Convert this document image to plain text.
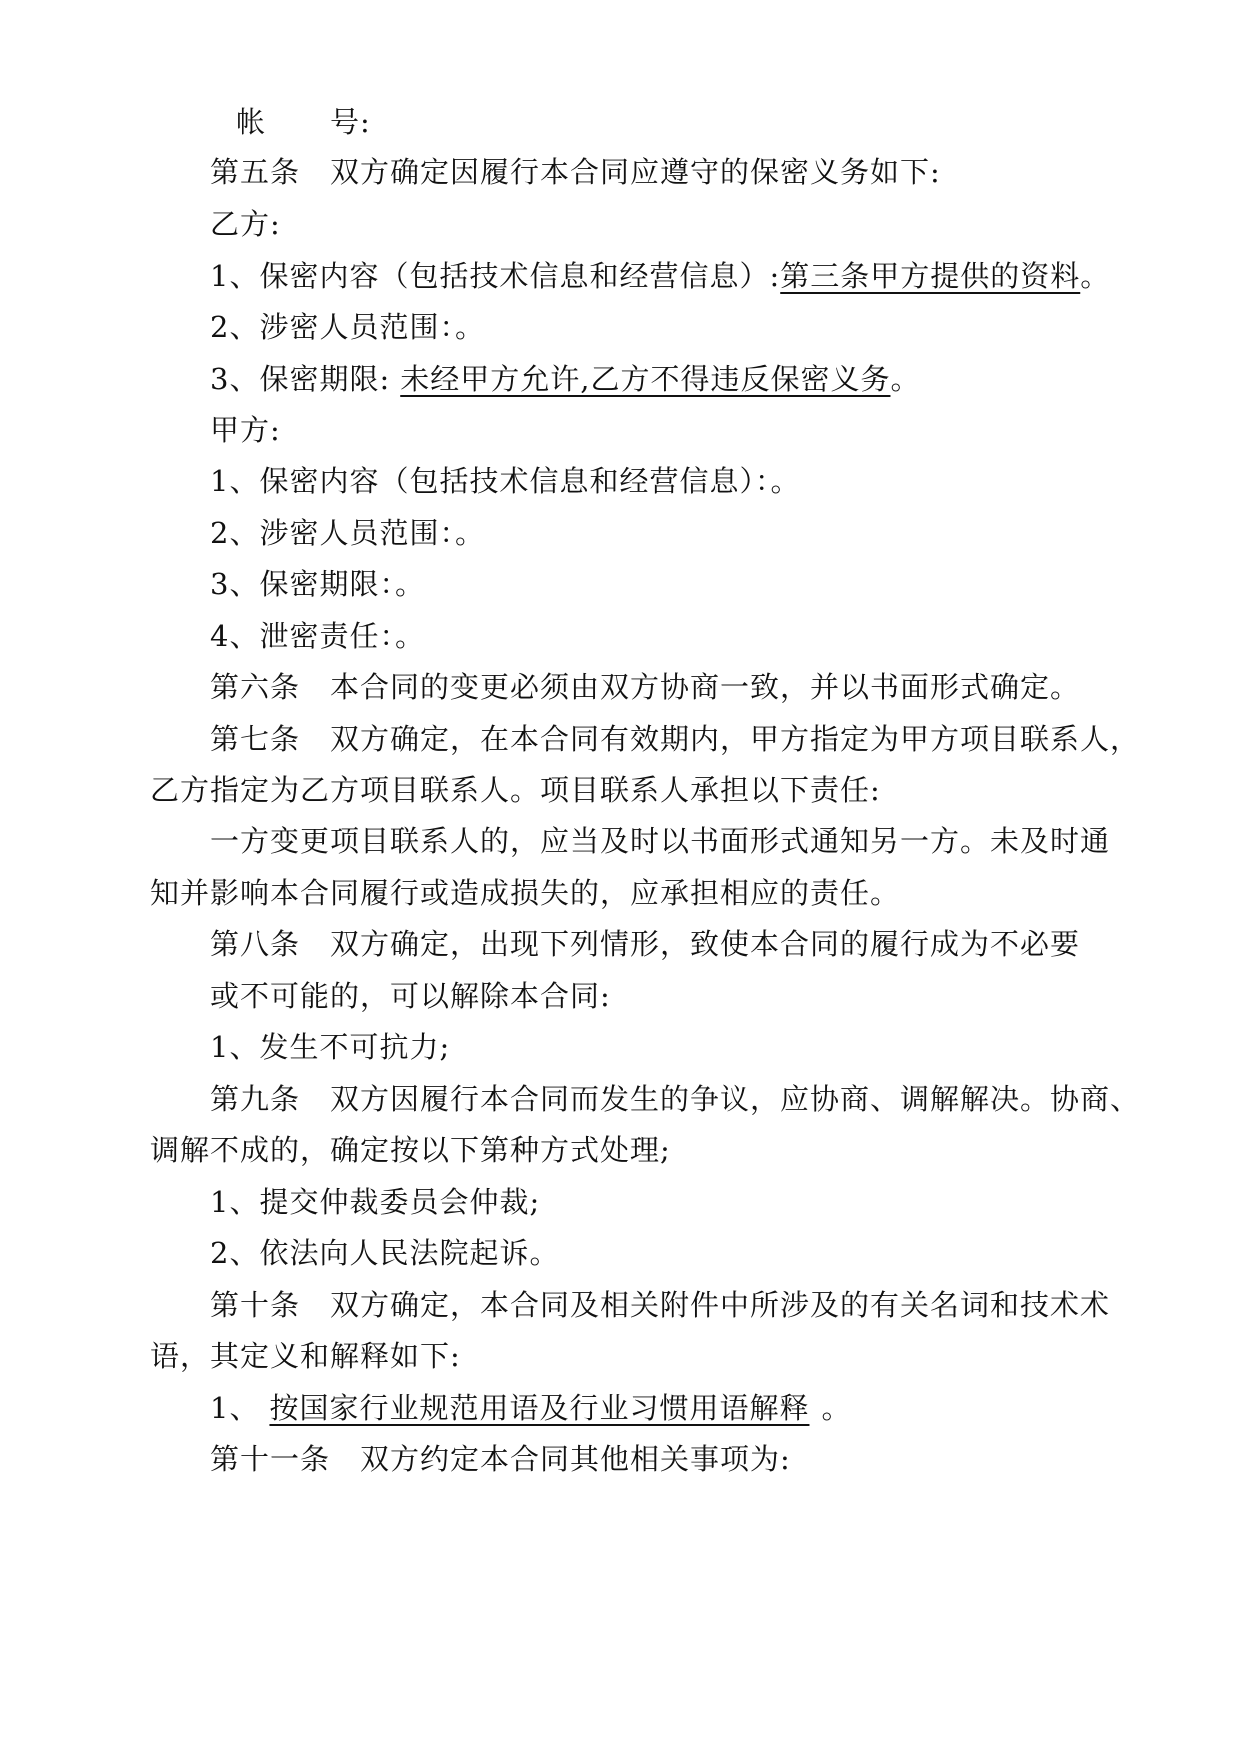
帐 号:
第五条　双方确定因履行本合同应遵守的保密义务如下:
乙方:
1、保密内容（包括技术信息和经营信息）:第三条甲方提供的资料。
2、涉密人员范围：。
3、保密期限: 未经甲方允许,乙方不得违反保密义务。
甲方:
1、保密内容（包括技术信息和经营信息）：。
2、涉密人员范围：。
3、保密期限：。
4、泄密责任：。
第六条　本合同的变更必须由双方协商一致，并以书面形式确定。
第七条　双方确定，在本合同有效期内，甲方指定为甲方项目联系人，
乙方指定为乙方项目联系人。项目联系人承担以下责任:
一方变更项目联系人的，应当及时以书面形式通知另一方。未及时通
知并影响本合同履行或造成损失的，应承担相应的责任。
第八条　双方确定，出现下列情形，致使本合同的履行成为不必要
或不可能的，可以解除本合同:
1、发生不可抗力;
第九条　双方因履行本合同而发生的争议，应协商、调解解决。协商、
调解不成的，确定按以下第种方式处理;
1、提交仲裁委员会仲裁;
2、依法向人民法院起诉。
第十条　双方确定，本合同及相关附件中所涉及的有关名词和技术术
语，其定义和解释如下:
1、 按国家行业规范用语及行业习惯用语解释 。
第十一条　双方约定本合同其他相关事项为:
